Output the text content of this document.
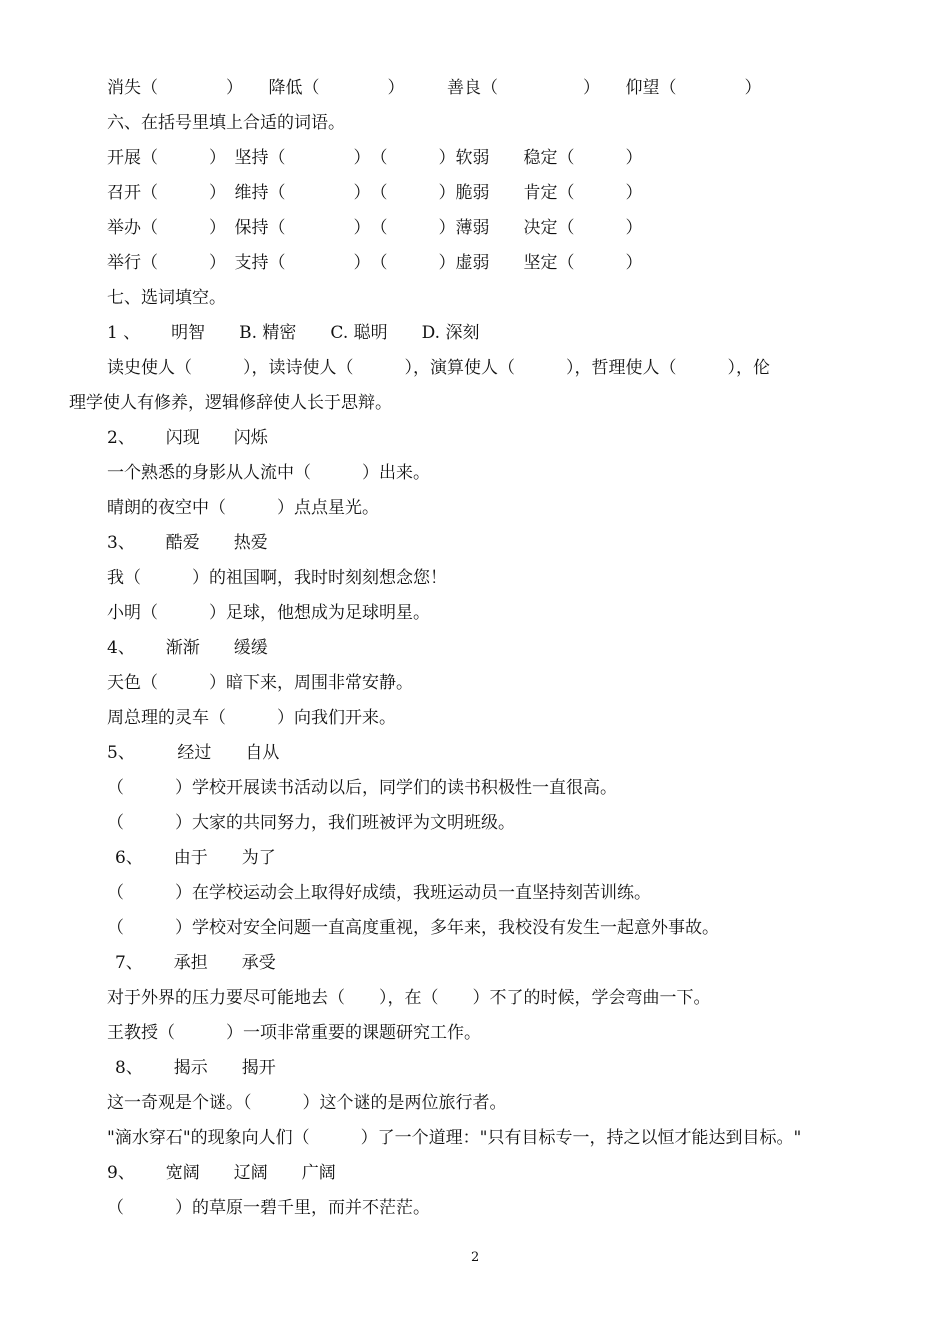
消失（　　　　）　　降低（　　　　）　　　善良（　　　　　）　　仰望（　　　　）
六、在括号里填上合适的词语。
开展（　　　）　坚持（　　　　）　（　　　）软弱　　稳定（　　　）
召开（　　　）　维持（　　　　）　（　　　）脆弱　　肯定（　　　）
举办（　　　）　保持（　　　　）　（　　　）薄弱　　决定（　　　）
举行（　　　）　支持（　　　　）　（　　　）虚弱　　坚定（　　　）
七、选词填空。
1 、　　 明智　　B. 精密　　C. 聪明　　D. 深刻
读史使人（　　　），读诗使人（　　　），演算使人（　　　），哲理使人（　　　），伦
理学使人有修养，逻辑修辞使人长于思辩。
2、　　 闪现　　闪烁
一个熟悉的身影从人流中（　　　）出来。
晴朗的夜空中（　　　）点点星光。
3、　　 酷爱　　热爱
我（　　　）的祖国啊，我时时刻刻想念您！
小明（　　　）足球，他想成为足球明星。
4、　　 渐渐　　缓缓
天色（　　　）暗下来，周围非常安静。
周总理的灵车（　　　）向我们开来。
5、　　　经过　　自从
（　　　）学校开展读书活动以后，同学们的读书积极性一直很高。
（　　　）大家的共同努力，我们班被评为文明班级。
6、　　 由于　　为了
（　　　）在学校运动会上取得好成绩，我班运动员一直坚持刻苦训练。
（　　　）学校对安全问题一直高度重视，多年来，我校没有发生一起意外事故。
7、　　 承担　　承受
对于外界的压力要尽可能地去（　　），在（　　）不了的时候，学会弯曲一下。
王教授（　　　）一项非常重要的课题研究工作。
8、　　 揭示　　揭开
这一奇观是个谜。（　　　）这个谜的是两位旅行者。
"滴水穿石"的现象向人们（　　　）了一个道理："只有目标专一，持之以恒才能达到目标。"
9、　　 宽阔　　辽阔　　广阔
（　　　）的草原一碧千里，而并不茫茫。
2
